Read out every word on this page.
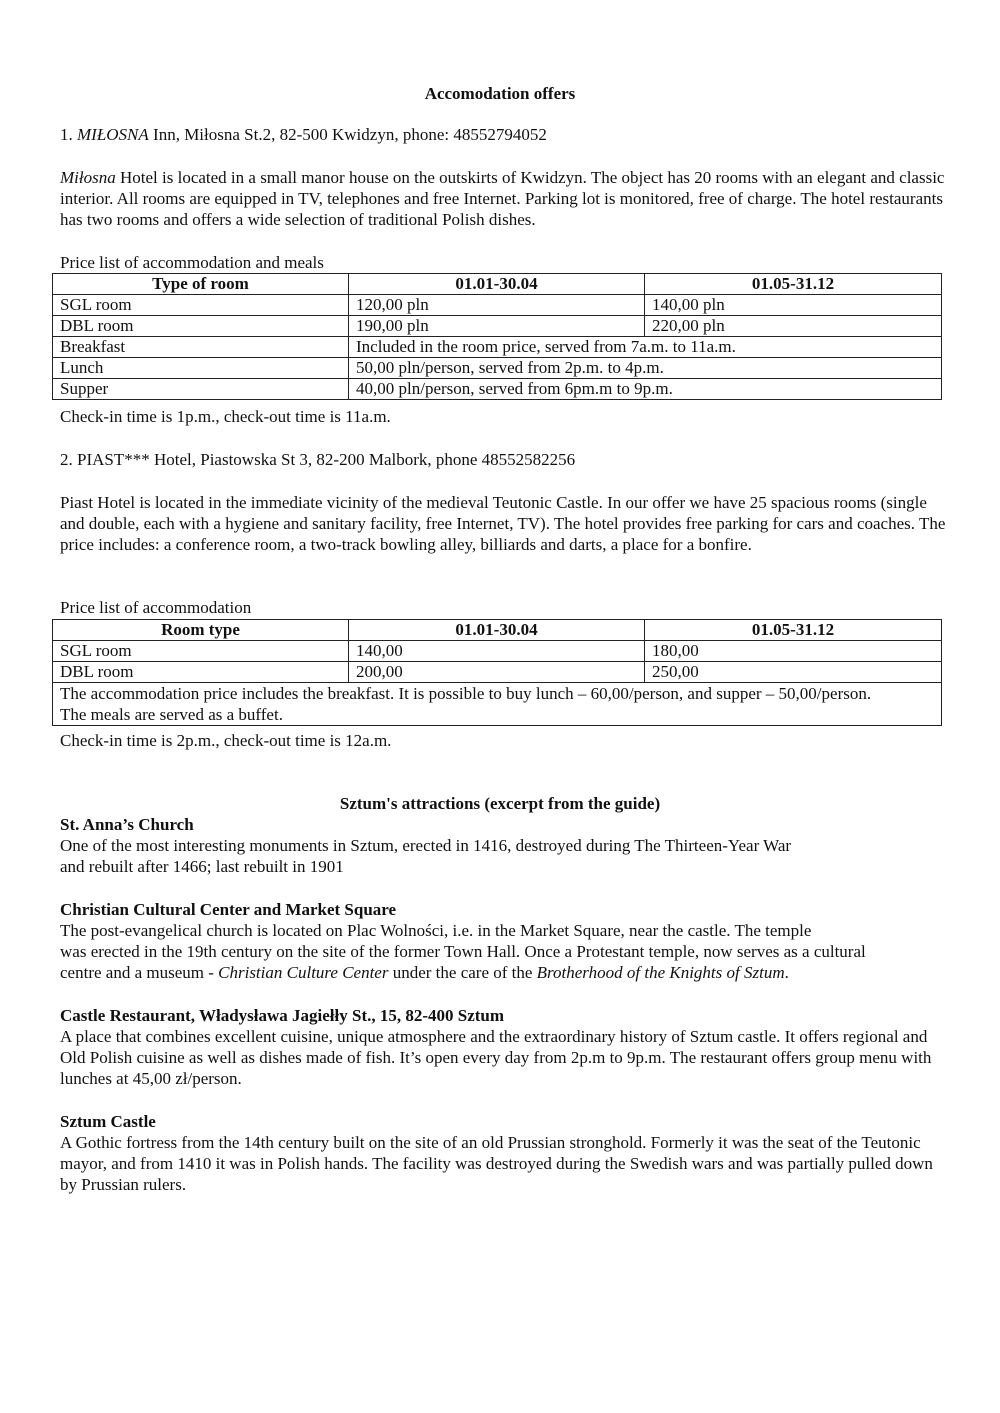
Accomodation offers

1. MIŁOSNA Inn, Miłosna St.2, 82-500 Kwidzyn, phone: 48552794052

Miłosna Hotel is located in a small manor house on the outskirts of Kwidzyn. The object has 20 rooms with an elegant and classic interior. All rooms are equipped in TV, telephones and free Internet. Parking lot is monitored, free of charge. The hotel restaurants has two rooms and offers a wide selection of traditional Polish dishes.

Price list of accommodation and meals

Type of room	01.01-30.04	01.05-31.12
SGL room	120,00 pln	140,00 pln
DBL room	190,00 pln	220,00 pln
Breakfast	Included in the room price, served from 7a.m. to 11a.m.	
Lunch	50,00 pln/person, served from 2p.m. to 4p.m.	
Supper	40,00 pln/person, served from 6pm.m to 9p.m.	

Check-in time is 1p.m., check-out time is 11a.m.

2. PIAST*** Hotel, Piastowska St 3, 82-200 Malbork, phone 48552582256

Piast Hotel is located in the immediate vicinity of the medieval Teutonic Castle. In our offer we have 25 spacious rooms (single and double, each with a hygiene and sanitary facility, free Internet, TV). The hotel provides free parking for cars and coaches. The price includes: a conference room, a two-track bowling alley, billiards and darts, a place for a bonfire.

Price list of accommodation

Room type	01.01-30.04	01.05-31.12
SGL room	140,00	180,00
DBL room	200,00	250,00
The accommodation price includes the breakfast. It is possible to buy lunch – 60,00/person, and supper – 50,00/person. The meals are served as a buffet.		

Check-in time is 2p.m., check-out time is 12a.m.

Sztum's attractions (excerpt from the guide)

St. Anna’s Church

One of the most interesting monuments in Sztum, erected in 1416, destroyed during The Thirteen-Year War

and rebuilt after 1466; last rebuilt in 1901

Christian Cultural Center and Market Square

The post-evangelical church is located on Plac Wolności, i.e. in the Market Square, near the castle. The temple

was erected in the 19th century on the site of the former Town Hall. Once a Protestant temple, now serves as a cultural

centre and a museum - Christian Culture Center under the care of the Brotherhood of the Knights of Sztum.

Castle Restaurant, Władysława Jagiełły St., 15, 82-400 Sztum

A place that combines excellent cuisine, unique atmosphere and the extraordinary history of Sztum castle. It offers regional and Old Polish cuisine as well as dishes made of fish. It’s open every day from 2p.m to 9p.m. The restaurant offers group menu with lunches at 45,00 zł/person.

Sztum Castle

A Gothic fortress from the 14th century built on the site of an old Prussian stronghold. Formerly it was the seat of the Teutonic mayor, and from 1410 it was in Polish hands. The facility was destroyed during the Swedish wars and was partially pulled down by Prussian rulers.
